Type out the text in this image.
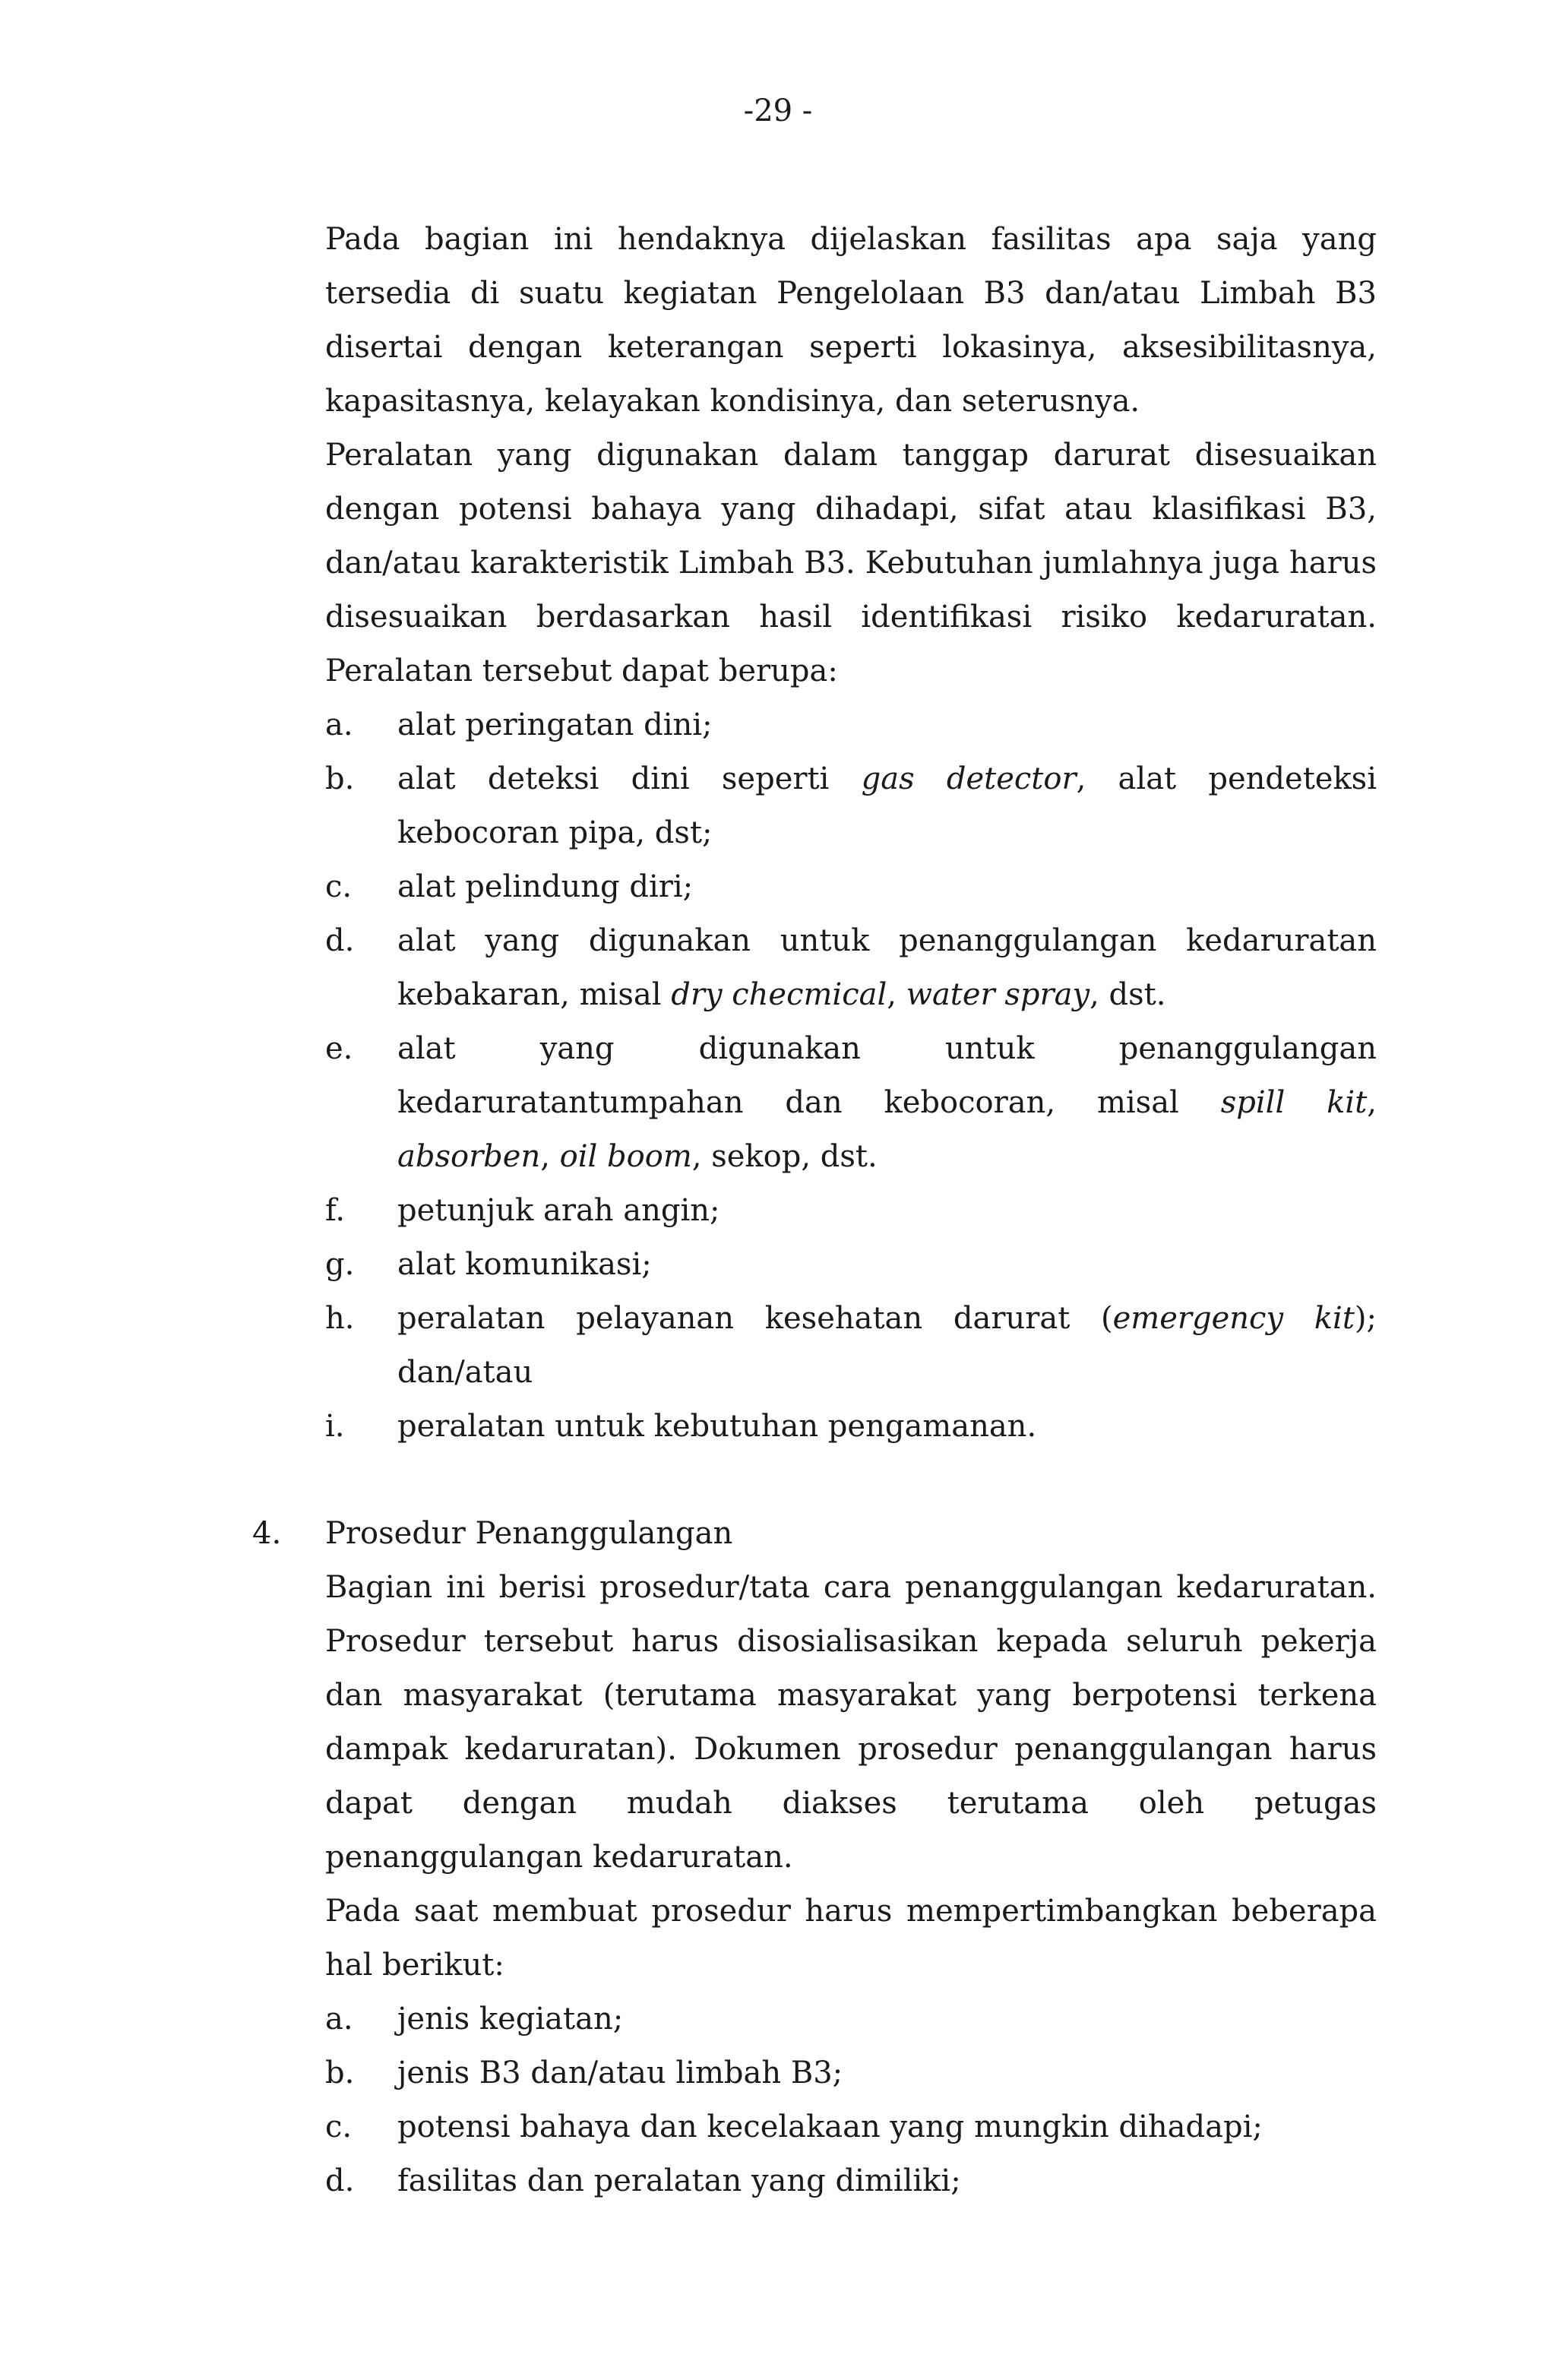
-29 -

Pada bagian ini hendaknya dijelaskan fasilitas apa saja yang tersedia di suatu kegiatan Pengelolaan B3 dan/atau Limbah B3 disertai dengan keterangan seperti lokasinya, aksesibilitasnya, kapasitasnya, kelayakan kondisinya, dan seterusnya.

Peralatan yang digunakan dalam tanggap darurat disesuaikan dengan potensi bahaya yang dihadapi, sifat atau klasifikasi B3, dan/atau karakteristik Limbah B3. Kebutuhan jumlahnya juga harus disesuaikan berdasarkan hasil identifikasi risiko kedaruratan. Peralatan tersebut dapat berupa:

a.	alat peringatan dini;
b.	alat deteksi dini seperti gas detector, alat pendeteksi kebocoran pipa, dst;
c.	alat pelindung diri;
d.	alat yang digunakan untuk penanggulangan kedaruratan kebakaran, misal dry checmical, water spray, dst.
e.	alat yang digunakan untuk penanggulangan kedaruratantumpahan dan kebocoran, misal spill kit, absorben, oil boom, sekop, dst.
f.	petunjuk arah angin;
g.	alat komunikasi;
h.	peralatan pelayanan kesehatan darurat (emergency kit); dan/atau
i.	peralatan untuk kebutuhan pengamanan.
4. Prosedur Penanggulangan

Bagian ini berisi prosedur/tata cara penanggulangan kedaruratan. Prosedur tersebut harus disosialisasikan kepada seluruh pekerja dan masyarakat (terutama masyarakat yang berpotensi terkena dampak kedaruratan). Dokumen prosedur penanggulangan harus dapat dengan mudah diakses terutama oleh petugas penanggulangan kedaruratan.

Pada saat membuat prosedur harus mempertimbangkan beberapa hal berikut:

a.	jenis kegiatan;
b.	jenis B3 dan/atau limbah B3;
c.	potensi bahaya dan kecelakaan yang mungkin dihadapi;
d.	fasilitas dan peralatan yang dimiliki;
